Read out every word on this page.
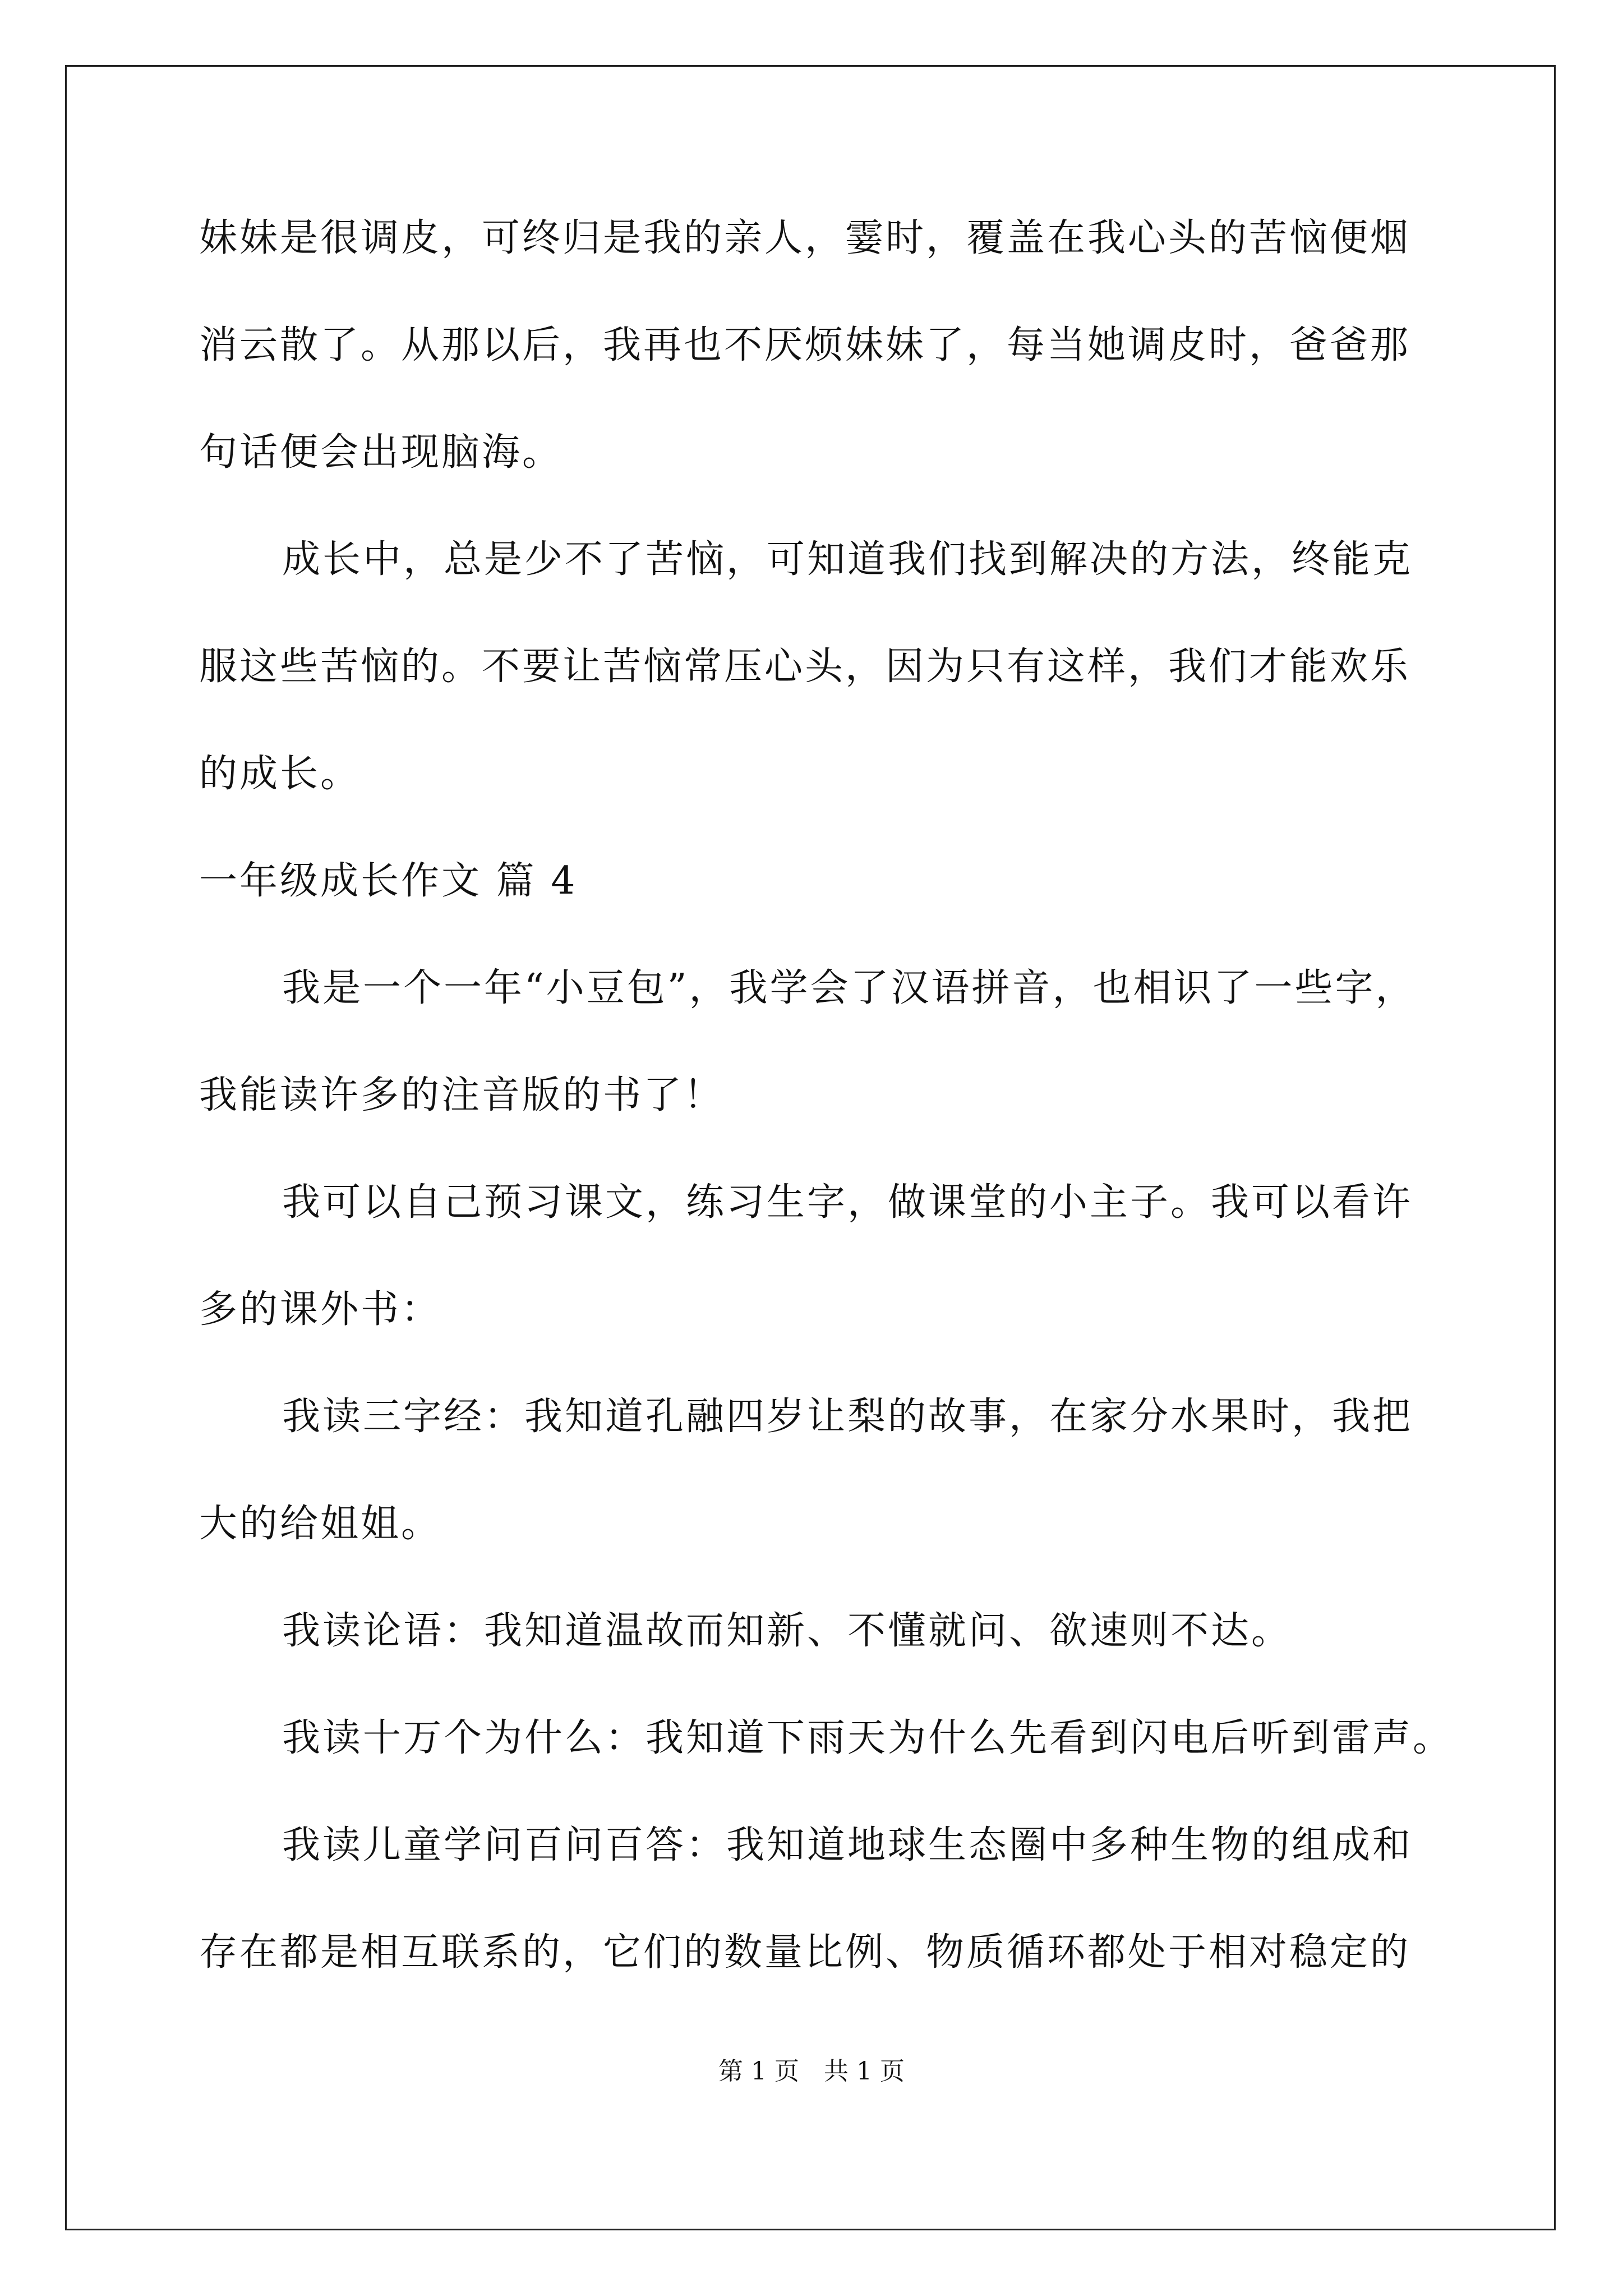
妹妹是很调皮，可终归是我的亲人，霎时，覆盖在我心头的苦恼便烟
消云散了。从那以后，我再也不厌烦妹妹了，每当她调皮时，爸爸那
句话便会出现脑海。
成长中，总是少不了苦恼，可知道我们找到解决的方法，终能克
服这些苦恼的。不要让苦恼常压心头，因为只有这样，我们才能欢乐
的成长。
一年级成长作文 篇 4
我是一个一年“小豆包”，我学会了汉语拼音，也相识了一些字，
我能读许多的注音版的书了！
我可以自己预习课文，练习生字，做课堂的小主子。我可以看许
多的课外书：
我读三字经：我知道孔融四岁让梨的故事，在家分水果时，我把
大的给姐姐。
我读论语：我知道温故而知新、不懂就问、欲速则不达。
我读十万个为什么：我知道下雨天为什么先看到闪电后听到雷声。
我读儿童学问百问百答：我知道地球生态圈中多种生物的组成和
存在都是相互联系的，它们的数量比例、物质循环都处于相对稳定的
第 1 页　共 1 页
